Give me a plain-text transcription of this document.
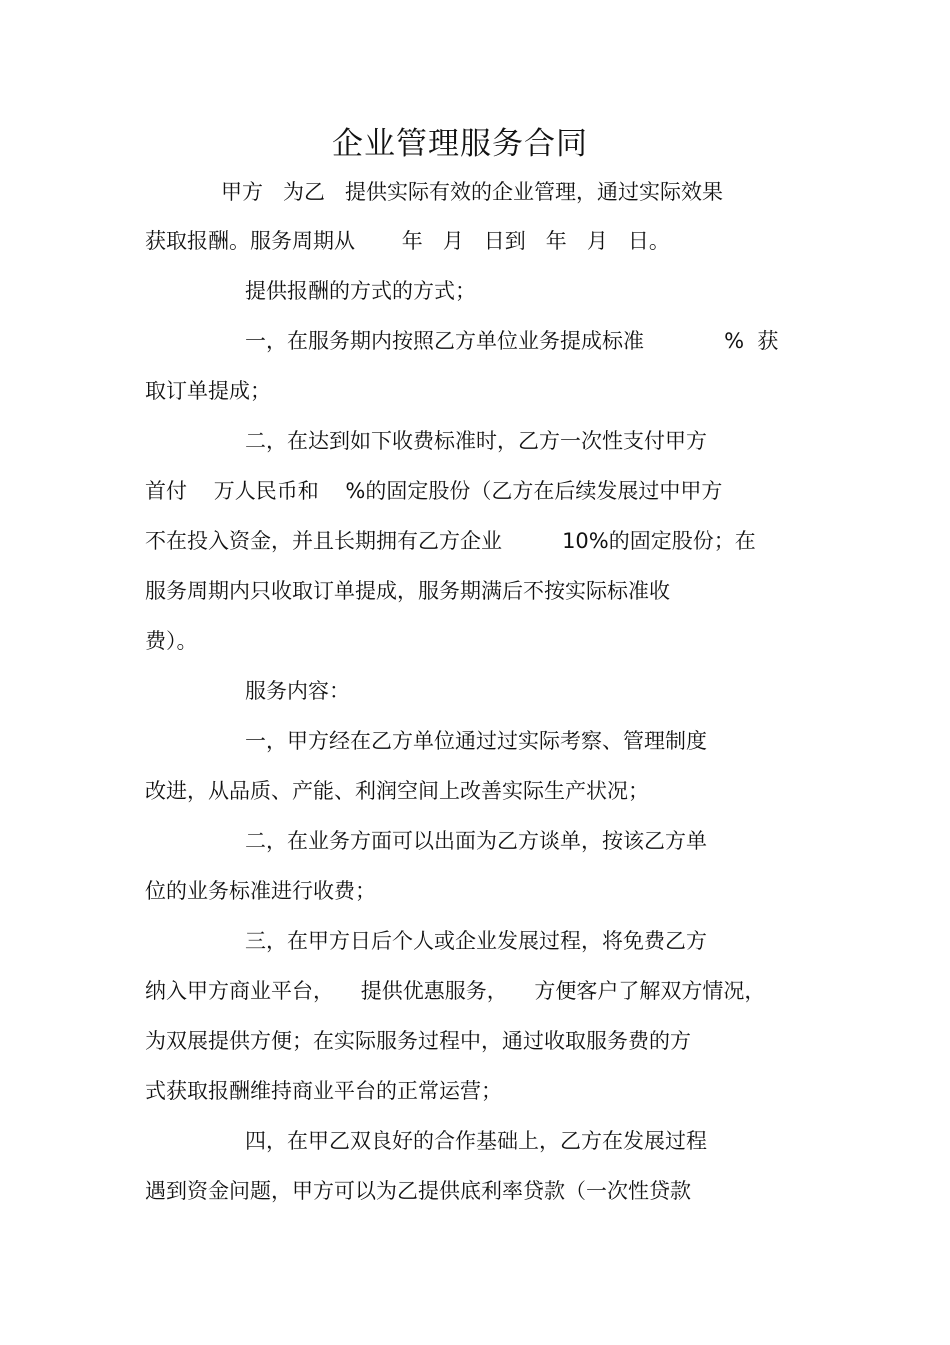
企业管理服务合同
甲方   为乙   提供实际有效的企业管理，通过实际效果
获取报酬。服务周期从       年   月   日到   年   月   日。
提供报酬的方式的方式；
一，在服务期内按照乙方单位业务提成标准            %  获
取订单提成；
二，在达到如下收费标准时，乙方一次性支付甲方
首付    万人民币和    %的固定股份（乙方在后续发展过中甲方
不在投入资金，并且长期拥有乙方企业         10%的固定股份；在
服务周期内只收取订单提成，服务期满后不按实际标准收
费）。
服务内容：
一，甲方经在乙方单位通过过实际考察、管理制度
改进，从品质、产能、利润空间上改善实际生产状况；
二，在业务方面可以出面为乙方谈单，按该乙方单
位的业务标准进行收费；
三，在甲方日后个人或企业发展过程，将免费乙方
纳入甲方商业平台，    提供优惠服务，    方便客户了解双方情况，
为双展提供方便；在实际服务过程中，通过收取服务费的方
式获取报酬维持商业平台的正常运营；
四，在甲乙双良好的合作基础上，乙方在发展过程
遇到资金问题，甲方可以为乙提供底利率贷款（一次性贷款
